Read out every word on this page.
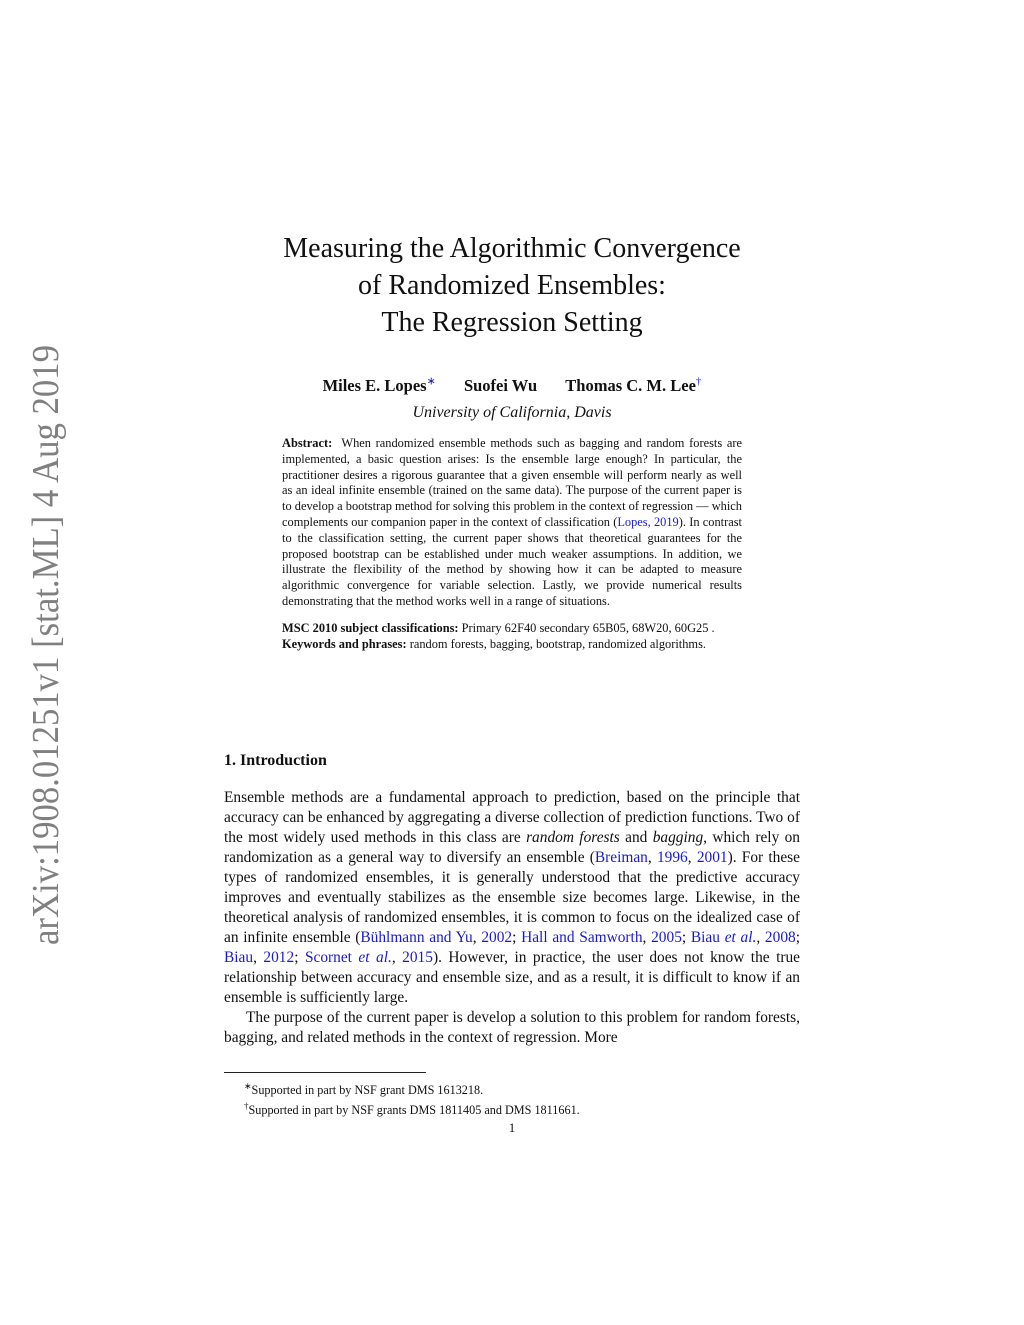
arXiv:1908.01251v1 [stat.ML] 4 Aug 2019
Measuring the Algorithmic Convergence
of Randomized Ensembles:
The Regression Setting
Miles E. Lopes∗ Suofei Wu Thomas C. M. Lee†
University of California, Davis

Abstract: When randomized ensemble methods such as bagging and random forests are implemented, a basic question arises: Is the ensemble large enough? In particular, the practitioner desires a rigorous guarantee that a given ensemble will perform nearly as well as an ideal infinite ensemble (trained on the same data). The purpose of the current paper is to develop a bootstrap method for solving this problem in the context of regression — which complements our companion paper in the context of classification (Lopes, 2019). In contrast to the classification setting, the current paper shows that theoretical guarantees for the proposed bootstrap can be established under much weaker assumptions. In addition, we illustrate the flexibility of the method by showing how it can be adapted to measure algorithmic convergence for variable selection. Lastly, we provide numerical results demonstrating that the method works well in a range of situations.

MSC 2010 subject classifications: Primary 62F40 secondary 65B05, 68W20, 60G25 .

Keywords and phrases: random forests, bagging, bootstrap, randomized algorithms.

1. Introduction

Ensemble methods are a fundamental approach to prediction, based on the principle that accuracy can be enhanced by aggregating a diverse collection of prediction functions. Two of the most widely used methods in this class are random forests and bagging, which rely on randomization as a general way to diversify an ensemble (Breiman, 1996, 2001). For these types of randomized ensembles, it is generally understood that the predictive accuracy improves and eventually stabilizes as the ensemble size becomes large. Likewise, in the theoretical analysis of randomized ensembles, it is common to focus on the idealized case of an infinite ensemble (Bühlmann and Yu, 2002; Hall and Samworth, 2005; Biau et al., 2008; Biau, 2012; Scornet et al., 2015). However, in practice, the user does not know the true relationship between accuracy and ensemble size, and as a result, it is difficult to know if an ensemble is sufficiently large.

The purpose of the current paper is develop a solution to this problem for random forests, bagging, and related methods in the context of regression. More

∗Supported in part by NSF grant DMS 1613218.
†Supported in part by NSF grants DMS 1811405 and DMS 1811661.
1
